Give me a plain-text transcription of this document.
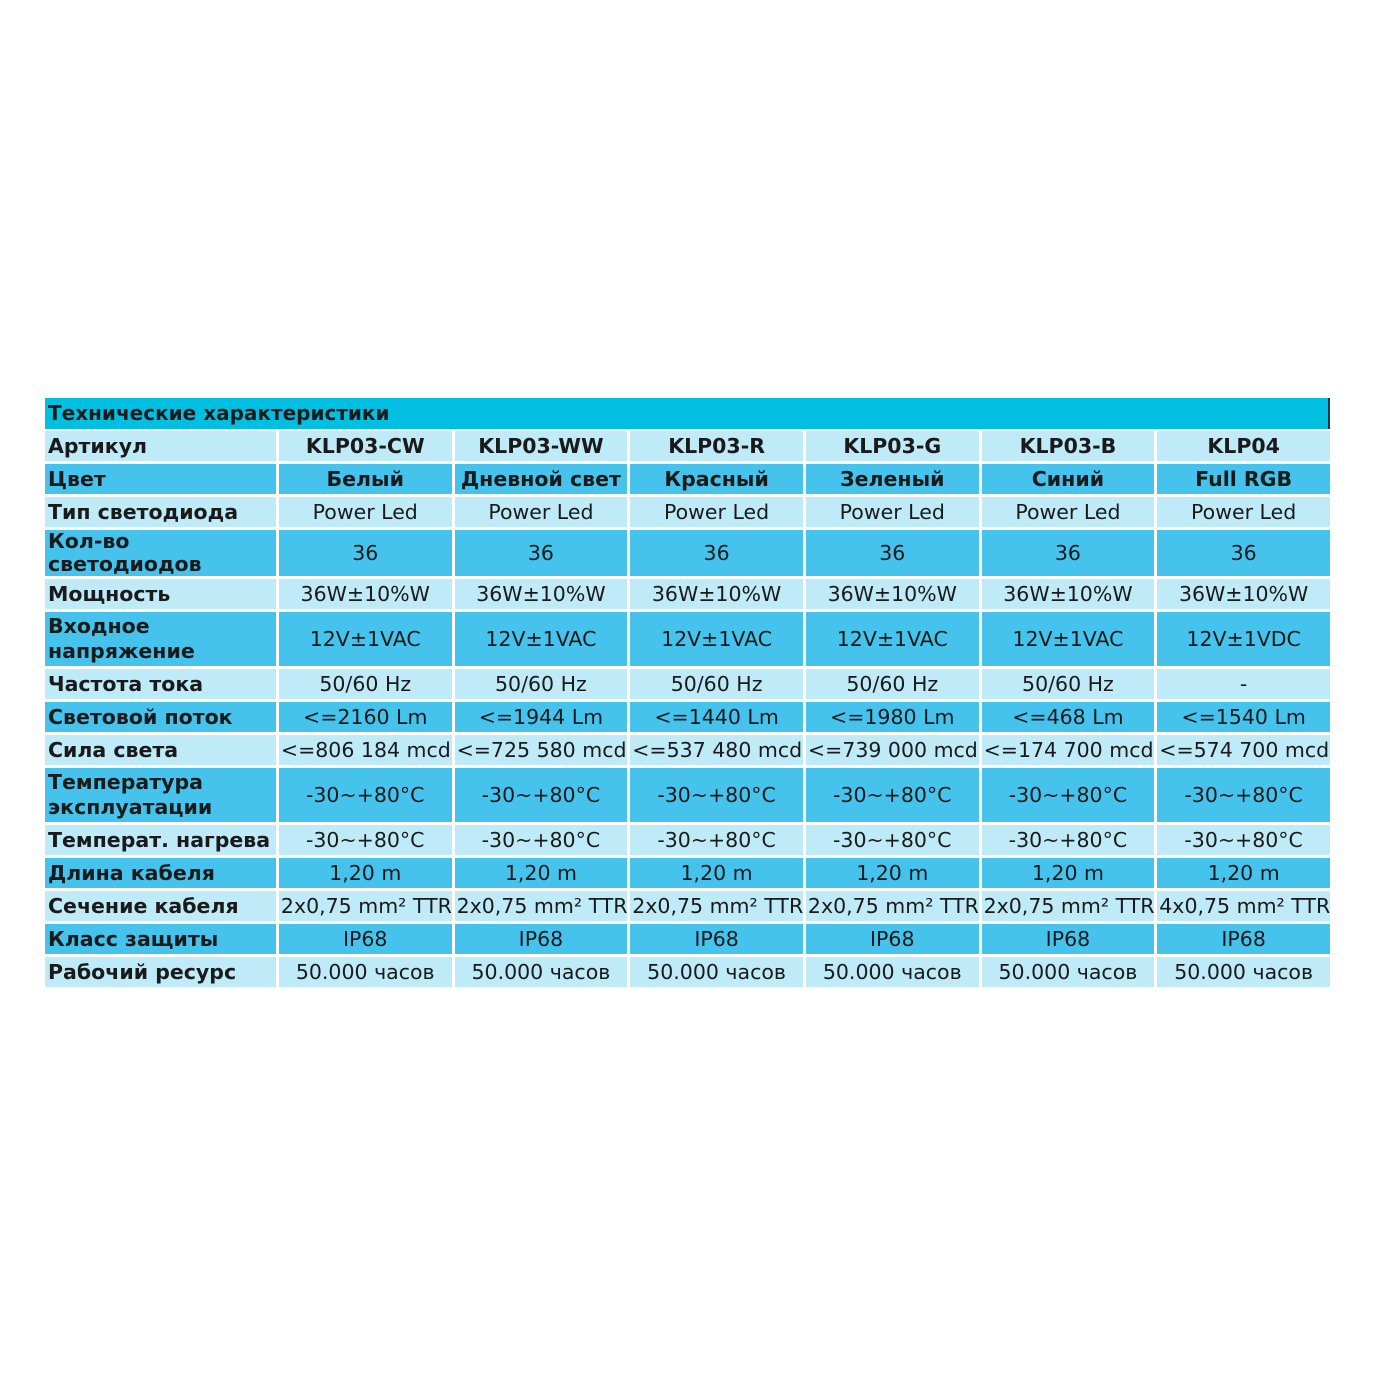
Технические характеристики
Артикул	KLP03-CW	KLP03-WW	KLP03-R	KLP03-G	KLP03-B	KLP04
Цвет	Белый	Дневной свет	Красный	Зеленый	Синий	Full RGB
Тип светодиода	Power Led	Power Led	Power Led	Power Led	Power Led	Power Led
Кол-во светодиодов	36	36	36	36	36	36
Мощность	36W±10%W	36W±10%W	36W±10%W	36W±10%W	36W±10%W	36W±10%W
Входное напряжение	12V±1VAC	12V±1VAC	12V±1VAC	12V±1VAC	12V±1VAC	12V±1VDC
Частота тока	50/60 Hz	50/60 Hz	50/60 Hz	50/60 Hz	50/60 Hz	-
Световой поток	<=2160 Lm	<=1944 Lm	<=1440 Lm	<=1980 Lm	<=468 Lm	<=1540 Lm
Сила света	<=806 184 mcd	<=725 580 mcd	<=537 480 mcd	<=739 000 mcd	<=174 700 mcd	<=574 700 mcd
Температура эксплуатации	-30~+80°C	-30~+80°C	-30~+80°C	-30~+80°C	-30~+80°C	-30~+80°C
Температ. нагрева	-30~+80°C	-30~+80°C	-30~+80°C	-30~+80°C	-30~+80°C	-30~+80°C
Длина кабеля	1,20 m	1,20 m	1,20 m	1,20 m	1,20 m	1,20 m
Сечение кабеля	2x0,75 mm² TTR	2x0,75 mm² TTR	2x0,75 mm² TTR	2x0,75 mm² TTR	2x0,75 mm² TTR	4x0,75 mm² TTR
Класс защиты	IP68	IP68	IP68	IP68	IP68	IP68
Рабочий ресурс	50.000 часов	50.000 часов	50.000 часов	50.000 часов	50.000 часов	50.000 часов
